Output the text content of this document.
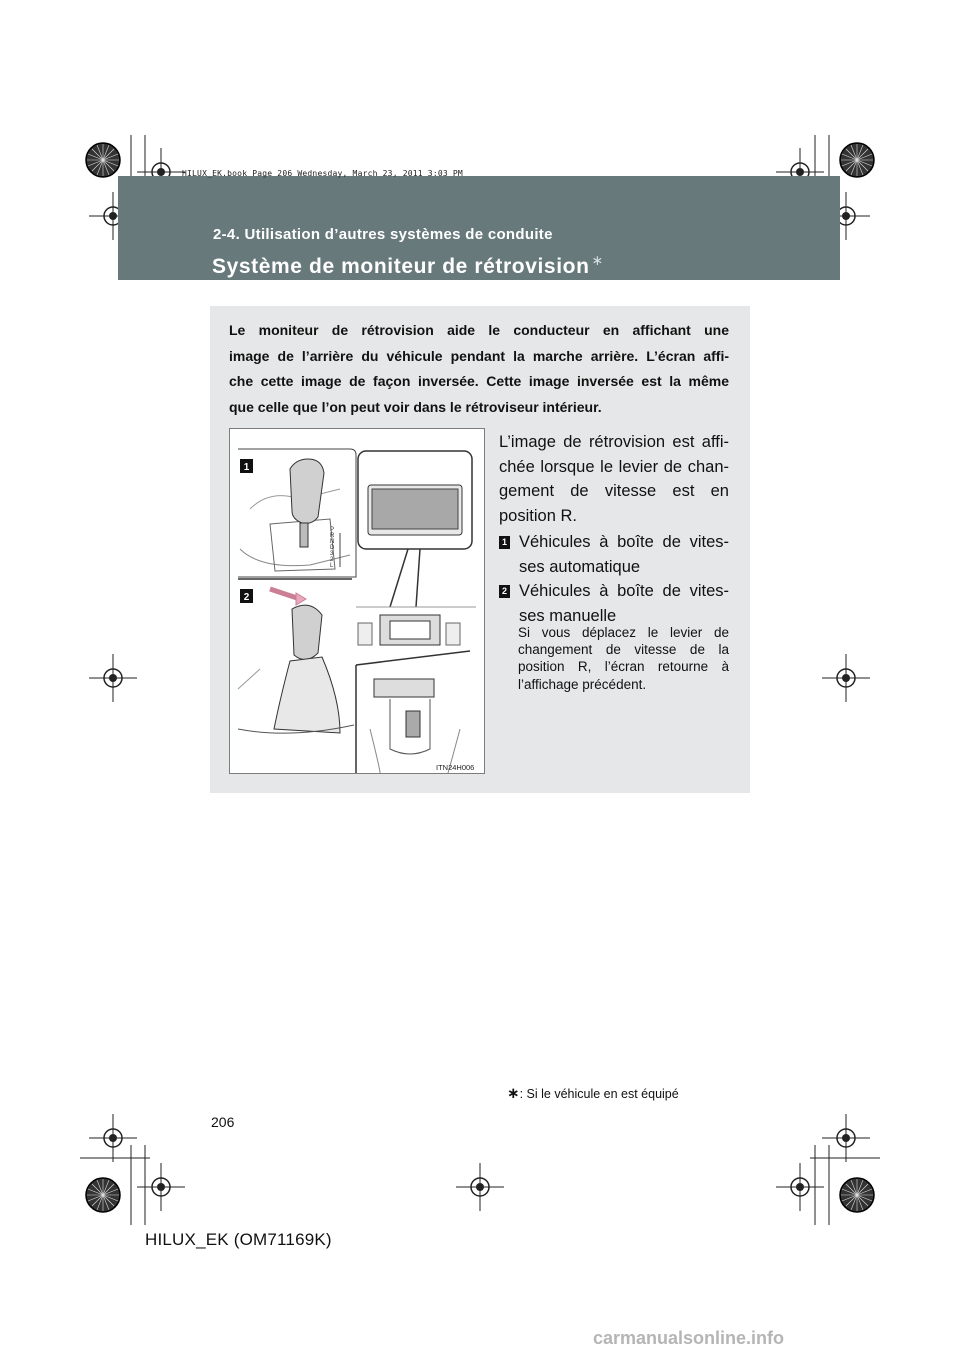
HILUX_EK.book Page 206 Wednesday, March 23, 2011 3:03 PM
2-4. Utilisation d’autres systèmes de conduite
Système de moniteur de rétrovision ∗
Le moniteur de rétrovision aide le conducteur en affichant une
image de l’arrière du véhicule pendant la marche arrière. L’écran affi-
che cette image de façon inversée. Cette image inversée est la même
que celle que l’on peut voir dans le rétroviseur intérieur.
1
2
P
R
N
D
3
2
L
ITN24H006
L’image de rétrovision est affi-
chée lorsque le levier de chan-
gement de vitesse est en
position R.
1 Véhicules à boîte de vites-
ses automatique
2 Véhicules à boîte de vites-
ses manuelle
Si vous déplacez le levier de
changement de vitesse de la
position R, l’écran retourne à
l’affichage précédent.
∗: Si le véhicule en est équipé
206
HILUX_EK (OM71169K)
carmanualsonline.info
